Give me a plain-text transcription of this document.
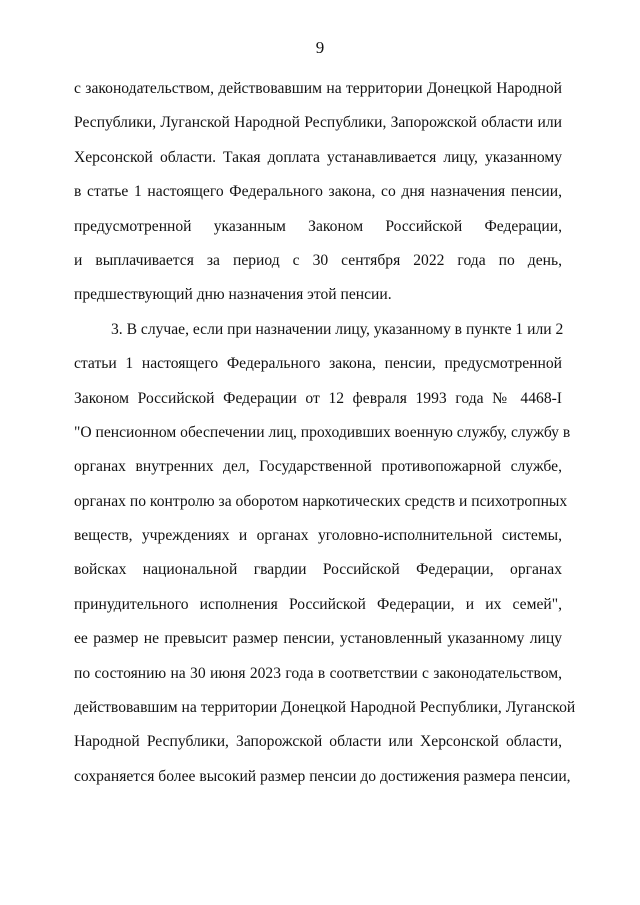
9
с законодательством, действовавшим на территории Донецкой Народной
Республики, Луганской Народной Республики, Запорожской области или
Херсонской области. Такая доплата устанавливается лицу, указанному
в статье 1 настоящего Федерального закона, со дня назначения пенсии,
предусмотренной указанным Законом Российской Федерации,
и выплачивается за период с 30 сентября 2022 года по день,
предшествующий дню назначения этой пенсии.
3. В случае, если при назначении лицу, указанному в пункте 1 или 2
статьи 1 настоящего Федерального закона, пенсии, предусмотренной
Законом Российской Федерации от 12 февраля 1993 года № 4468-I
"О пенсионном обеспечении лиц, проходивших военную службу, службу в
органах внутренних дел, Государственной противопожарной службе,
органах по контролю за оборотом наркотических средств и психотропных
веществ, учреждениях и органах уголовно-исполнительной системы,
войсках национальной гвардии Российской Федерации, органах
принудительного исполнения Российской Федерации, и их семей",
ее размер не превысит размер пенсии, установленный указанному лицу
по состоянию на 30 июня 2023 года в соответствии с законодательством,
действовавшим на территории Донецкой Народной Республики, Луганской
Народной Республики, Запорожской области или Херсонской области,
сохраняется более высокий размер пенсии до достижения размера пенсии,
